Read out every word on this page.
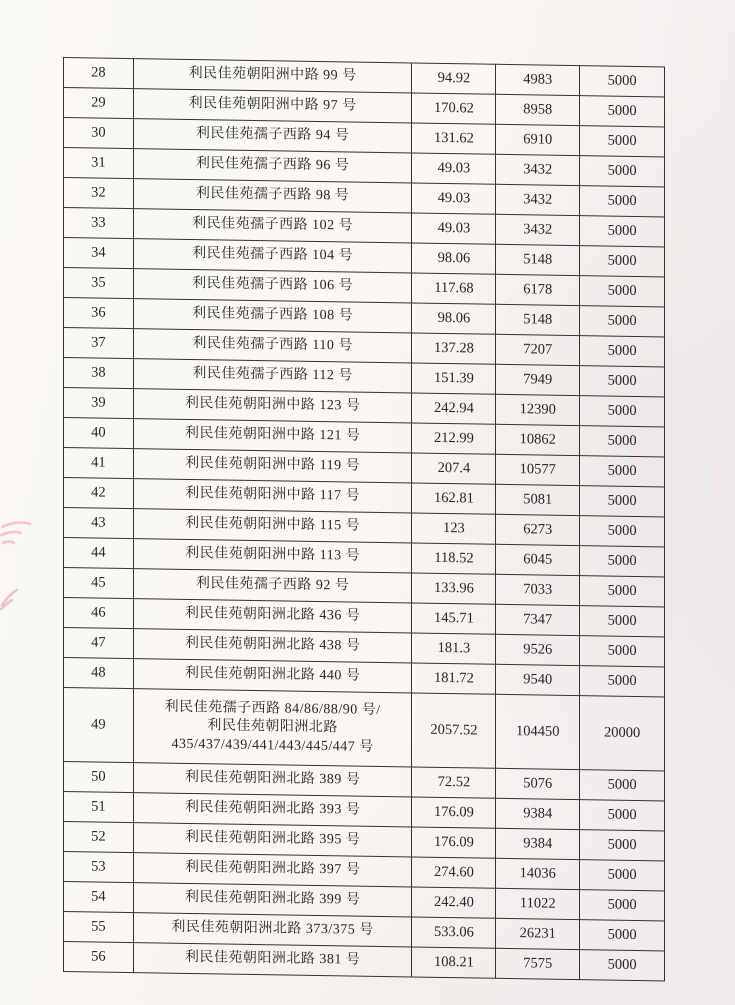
28	利民佳苑朝阳洲中路 99 号	94.92	4983	5000
29	利民佳苑朝阳洲中路 97 号	170.62	8958	5000
30	利民佳苑孺子西路 94 号	131.62	6910	5000
31	利民佳苑孺子西路 96 号	49.03	3432	5000
32	利民佳苑孺子西路 98 号	49.03	3432	5000
33	利民佳苑孺子西路 102 号	49.03	3432	5000
34	利民佳苑孺子西路 104 号	98.06	5148	5000
35	利民佳苑孺子西路 106 号	117.68	6178	5000
36	利民佳苑孺子西路 108 号	98.06	5148	5000
37	利民佳苑孺子西路 110 号	137.28	7207	5000
38	利民佳苑孺子西路 112 号	151.39	7949	5000
39	利民佳苑朝阳洲中路 123 号	242.94	12390	5000
40	利民佳苑朝阳洲中路 121 号	212.99	10862	5000
41	利民佳苑朝阳洲中路 119 号	207.4	10577	5000
42	利民佳苑朝阳洲中路 117 号	162.81	5081	5000
43	利民佳苑朝阳洲中路 115 号	123	6273	5000
44	利民佳苑朝阳洲中路 113 号	118.52	6045	5000
45	利民佳苑孺子西路 92 号	133.96	7033	5000
46	利民佳苑朝阳洲北路 436 号	145.71	7347	5000
47	利民佳苑朝阳洲北路 438 号	181.3	9526	5000
48	利民佳苑朝阳洲北路 440 号	181.72	9540	5000
49	利民佳苑孺子西路 84/86/88/90 号/
利民佳苑朝阳洲北路
435/437/439/441/443/445/447 号	2057.52	104450	20000
50	利民佳苑朝阳洲北路 389 号	72.52	5076	5000
51	利民佳苑朝阳洲北路 393 号	176.09	9384	5000
52	利民佳苑朝阳洲北路 395 号	176.09	9384	5000
53	利民佳苑朝阳洲北路 397 号	274.60	14036	5000
54	利民佳苑朝阳洲北路 399 号	242.40	11022	5000
55	利民佳苑朝阳洲北路 373/375 号	533.06	26231	5000
56	利民佳苑朝阳洲北路 381 号	108.21	7575	5000
